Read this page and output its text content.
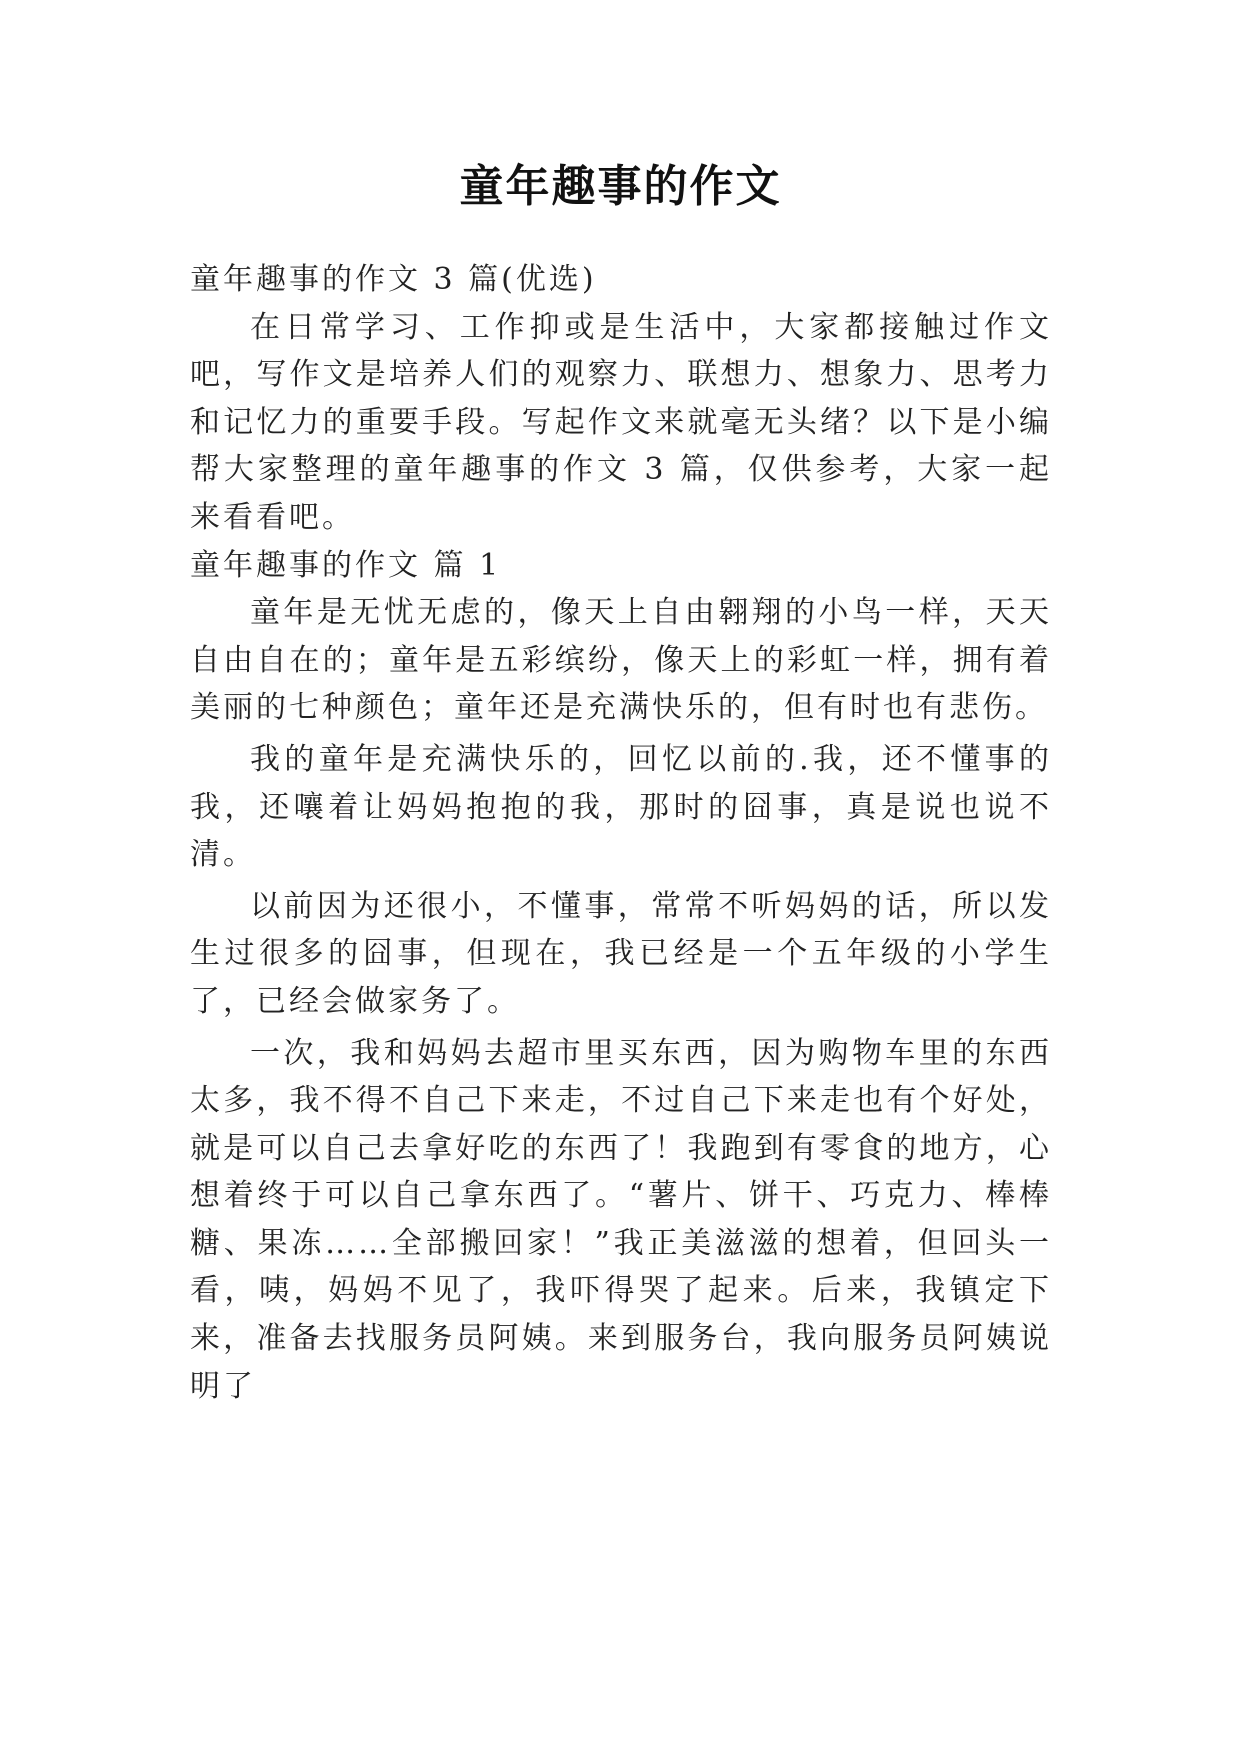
童年趣事的作文

童年趣事的作文 3 篇(优选)

在日常学习、工作抑或是生活中，大家都接触过作文吧，写作文是培养人们的观察力、联想力、想象力、思考力和记忆力的重要手段。写起作文来就毫无头绪？以下是小编帮大家整理的童年趣事的作文 3 篇，仅供参考，大家一起来看看吧。

童年趣事的作文 篇 1

童年是无忧无虑的，像天上自由翱翔的小鸟一样，天天自由自在的；童年是五彩缤纷，像天上的彩虹一样，拥有着美丽的七种颜色；童年还是充满快乐的，但有时也有悲伤。

我的童年是充满快乐的，回忆以前的.我，还不懂事的我，还嚷着让妈妈抱抱的我，那时的囧事，真是说也说不清。

以前因为还很小，不懂事，常常不听妈妈的话，所以发生过很多的囧事，但现在，我已经是一个五年级的小学生了，已经会做家务了。

一次，我和妈妈去超市里买东西，因为购物车里的东西太多，我不得不自己下来走，不过自己下来走也有个好处，就是可以自己去拿好吃的东西了！我跑到有零食的地方，心想着终于可以自己拿东西了。“薯片、饼干、巧克力、棒棒糖、果冻……全部搬回家！”我正美滋滋的想着，但回头一看，咦，妈妈不见了，我吓得哭了起来。后来，我镇定下来，准备去找服务员阿姨。来到服务台，我向服务员阿姨说明了
